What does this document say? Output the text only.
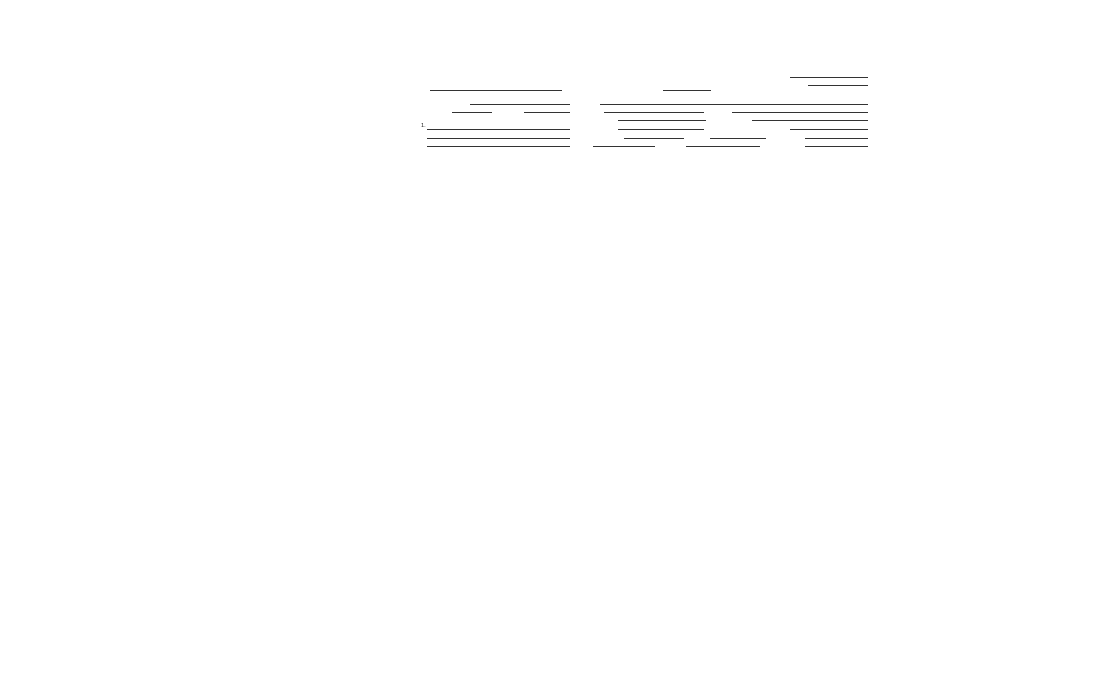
1.
